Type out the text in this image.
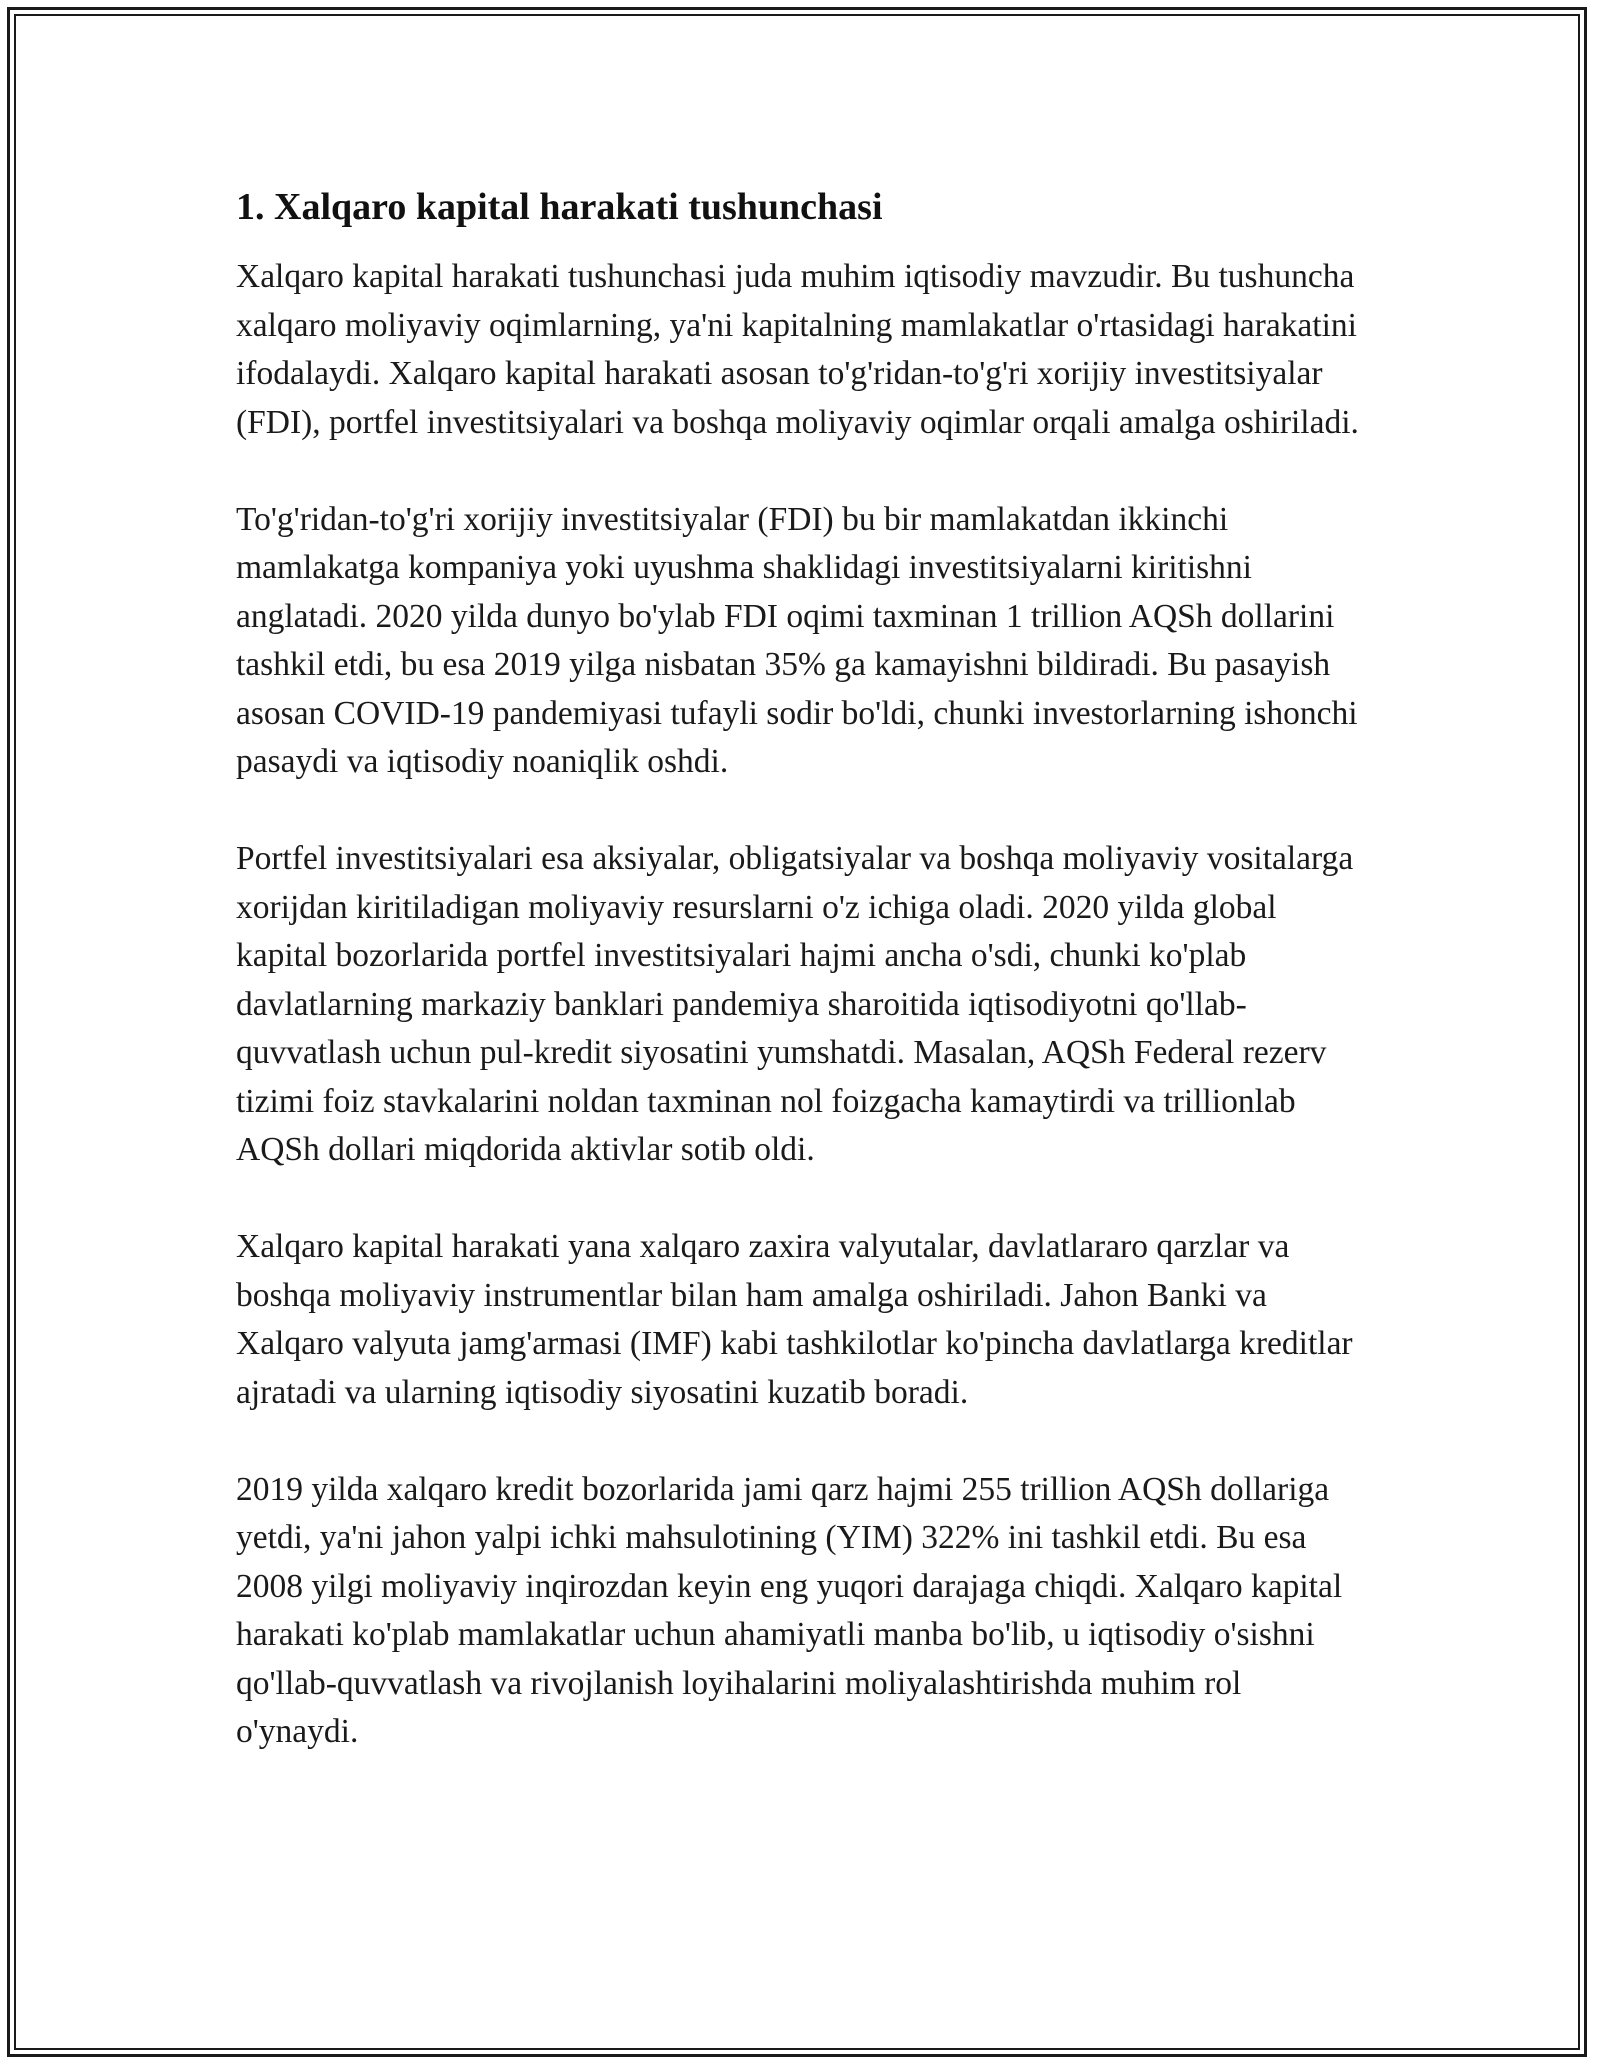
1. Xalqaro kapital harakati tushunchasi

Xalqaro kapital harakati tushunchasi juda muhim iqtisodiy mavzudir. Bu tushuncha xalqaro moliyaviy oqimlarning, ya'ni kapitalning mamlakatlar o'rtasidagi harakatini ifodalaydi. Xalqaro kapital harakati asosan to'g'ridan-to'g'ri xorijiy investitsiyalar (FDI), portfel investitsiyalari va boshqa moliyaviy oqimlar orqali amalga oshiriladi.

To'g'ridan-to'g'ri xorijiy investitsiyalar (FDI) bu bir mamlakatdan ikkinchi mamlakatga kompaniya yoki uyushma shaklidagi investitsiyalarni kiritishni anglatadi. 2020 yilda dunyo bo'ylab FDI oqimi taxminan 1 trillion AQSh dollarini tashkil etdi, bu esa 2019 yilga nisbatan 35% ga kamayishni bildiradi. Bu pasayish asosan COVID-19 pandemiyasi tufayli sodir bo'ldi, chunki investorlarning ishonchi pasaydi va iqtisodiy noaniqlik oshdi.

Portfel investitsiyalari esa aksiyalar, obligatsiyalar va boshqa moliyaviy vositalarga xorijdan kiritiladigan moliyaviy resurslarni o'z ichiga oladi. 2020 yilda global kapital bozorlarida portfel investitsiyalari hajmi ancha o'sdi, chunki ko'plab davlatlarning markaziy banklari pandemiya sharoitida iqtisodiyotni qo'llab-quvvatlash uchun pul-kredit siyosatini yumshatdi. Masalan, AQSh Federal rezerv tizimi foiz stavkalarini noldan taxminan nol foizgacha kamaytirdi va trillionlab AQSh dollari miqdorida aktivlar sotib oldi.

Xalqaro kapital harakati yana xalqaro zaxira valyutalar, davlatlararo qarzlar va boshqa moliyaviy instrumentlar bilan ham amalga oshiriladi. Jahon Banki va Xalqaro valyuta jamg'armasi (IMF) kabi tashkilotlar ko'pincha davlatlarga kreditlar ajratadi va ularning iqtisodiy siyosatini kuzatib boradi.

2019 yilda xalqaro kredit bozorlarida jami qarz hajmi 255 trillion AQSh dollariga yetdi, ya'ni jahon yalpi ichki mahsulotining (YIM) 322% ini tashkil etdi. Bu esa 2008 yilgi moliyaviy inqirozdan keyin eng yuqori darajaga chiqdi. Xalqaro kapital harakati ko'plab mamlakatlar uchun ahamiyatli manba bo'lib, u iqtisodiy o'sishni qo'llab-quvvatlash va rivojlanish loyihalarini moliyalashtirishda muhim rol o'ynaydi.
